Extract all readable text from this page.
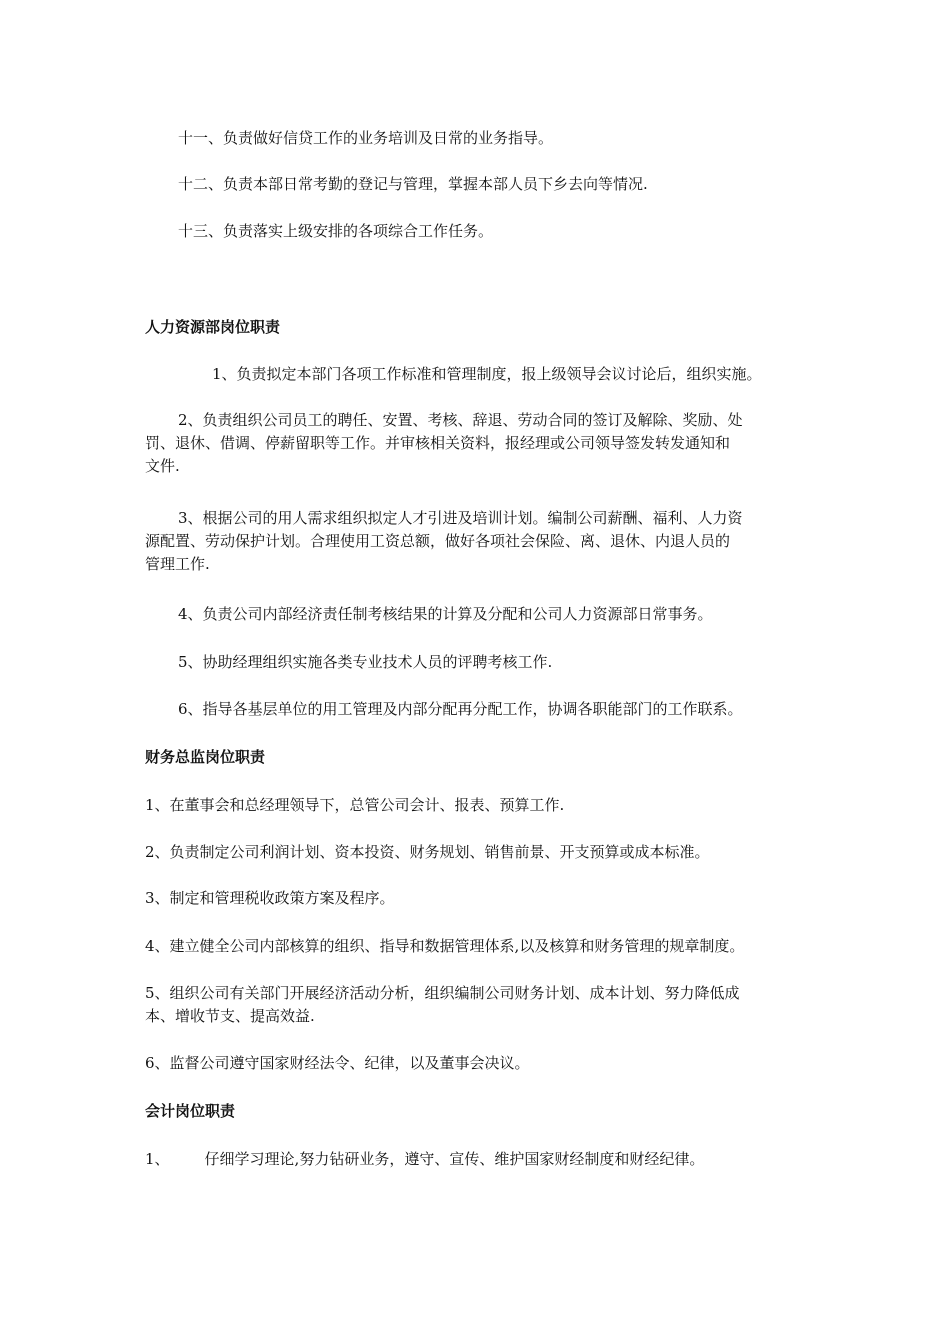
十一、负责做好信贷工作的业务培训及日常的业务指导。
十二、负责本部日常考勤的登记与管理，掌握本部人员下乡去向等情况.
十三、负责落实上级安排的各项综合工作任务。
人力资源部岗位职责
1、负责拟定本部门各项工作标准和管理制度，报上级领导会议讨论后，组织实施。
2、负责组织公司员工的聘任、安置、考核、辞退、劳动合同的签订及解除、奖励、处
罚、退休、借调、停薪留职等工作。并审核相关资料，报经理或公司领导签发转发通知和
文件.
3、根据公司的用人需求组织拟定人才引进及培训计划。编制公司薪酬、福利、人力资
源配置、劳动保护计划。合理使用工资总额，做好各项社会保险、离、退休、内退人员的
管理工作.
4、负责公司内部经济责任制考核结果的计算及分配和公司人力资源部日常事务。
5、协助经理组织实施各类专业技术人员的评聘考核工作.
6、指导各基层单位的用工管理及内部分配再分配工作，协调各职能部门的工作联系。
财务总监岗位职责
1、在董事会和总经理领导下，总管公司会计、报表、预算工作.
2、负责制定公司利润计划、资本投资、财务规划、销售前景、开支预算或成本标准。
3、制定和管理税收政策方案及程序。
4、建立健全公司内部核算的组织、指导和数据管理体系,以及核算和财务管理的规章制度。
5、组织公司有关部门开展经济活动分析，组织编制公司财务计划、成本计划、努力降低成
本、增收节支、提高效益.
6、监督公司遵守国家财经法令、纪律，以及董事会决议。
会计岗位职责
1、 仔细学习理论,努力钻研业务，遵守、宣传、维护国家财经制度和财经纪律。
